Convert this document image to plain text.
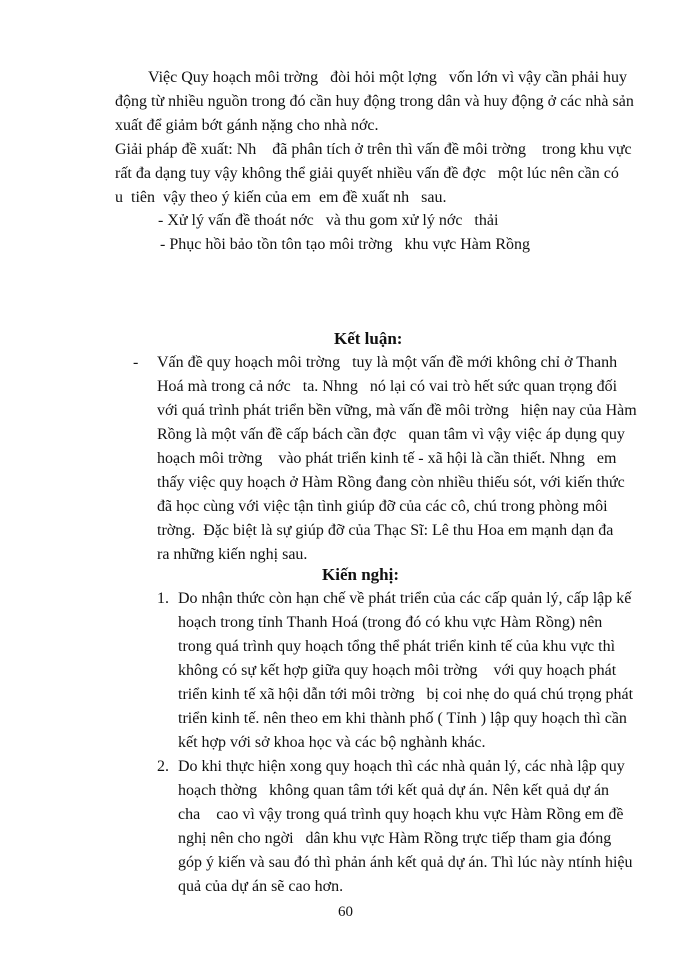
Việc Quy hoạch môi trờng   đòi hỏi một lợng   vốn lớn vì vậy cần phải huy
động từ nhiều nguồn trong đó cần huy động trong dân và huy động ở các nhà sản
xuất để giảm bớt gánh nặng cho nhà nớc.
Giải pháp đề xuất: Nh    đã phân tích ở trên thì vấn đề môi trờng    trong khu vực
rất đa dạng tuy vậy không thể giải quyết nhiều vấn đề đợc   một lúc nên cần có
u  tiên  vậy theo ý kiến của em  em đề xuất nh   sau.
- Xử lý vấn đề thoát nớc   và thu gom xử lý nớc   thải
- Phục hồi bảo tồn tôn tạo môi trờng   khu vực Hàm Rồng
Kết luận:
- Vấn đề quy hoạch môi trờng   tuy là một vấn đề mới không chỉ ở Thanh
Hoá mà trong cả nớc   ta. Nhng   nó lại có vai trò hết sức quan trọng đối
với quá trình phát triển bền vững, mà vấn đề môi trờng   hiện nay của Hàm
Rồng là một vấn đề cấp bách cần đợc   quan tâm vì vậy việc áp dụng quy
hoạch môi trờng    vào phát triển kinh tế - xã hội là cần thiết. Nhng   em
thấy việc quy hoạch ở Hàm Rồng đang còn nhiều thiếu sót, với kiến thức
đã học cùng với việc tận tình giúp đỡ của các cô, chú trong phòng môi
trờng.  Đặc biệt là sự giúp đỡ của Thạc Sĩ: Lê thu Hoa em mạnh dạn đa
ra những kiến nghị sau.
Kiến nghị:
1. Do nhận thức còn hạn chế về phát triển của các cấp quản lý, cấp lập kế
hoạch trong tỉnh Thanh Hoá (trong đó có khu vực Hàm Rồng) nên
trong quá trình quy hoạch tổng thể phát triển kinh tế của khu vực thì
không có sự kết hợp giữa quy hoạch môi trờng    với quy hoạch phát
triển kinh tế xã hội dẫn tới môi trờng   bị coi nhẹ do quá chú trọng phát
triển kinh tế. nên theo em khi thành phố ( Tỉnh ) lập quy hoạch thì cần
kết hợp với sở khoa học và các bộ nghành khác.
2. Do khi thực hiện xong quy hoạch thì các nhà quản lý, các nhà lập quy
hoạch thờng   không quan tâm tới kết quả dự án. Nên kết quả dự án
cha    cao vì vậy trong quá trình quy hoạch khu vực Hàm Rồng em đề
nghị nên cho ngời   dân khu vực Hàm Rồng trực tiếp tham gia đóng
góp ý kiến và sau đó thì phản ánh kết quả dự án. Thì lúc này ntính hiệu
quả của dự án sẽ cao hơn.
60
